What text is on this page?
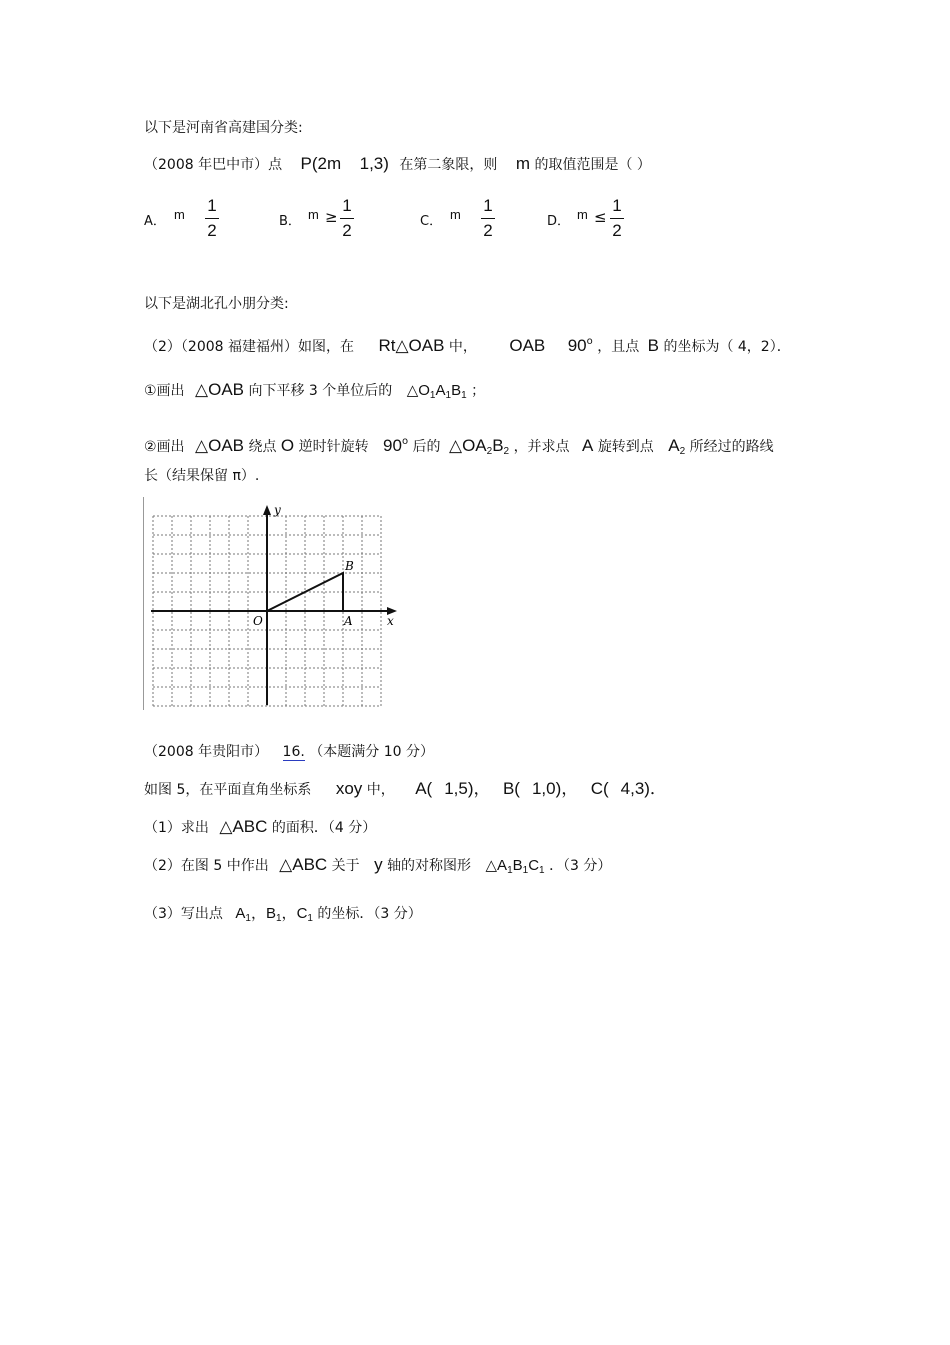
以下是河南省高建国分类:
（2008 年巴中市）点 P(2m 1,3) 在第二象限，则 m 的取值范围是（ ）
A． m 1
2	B． m ≥
1
2	C． m 1
2	D． m ≤
1
2
以下是湖北孔小朋分类:
（2）（2008 福建福州）如图，在 Rt△OAB 中， OAB 90$^o$ ，且点 B 的坐标为（ 4，2）．
①画出 △OAB 向下平移 3 个单位后的 $\triangle O_1A_1B_1$ ；
②画出 △OAB 绕点 O 逆时针旋转 90$^o$ 后的 $\triangle OA_2B_2$ ，并求点 A 旋转到点 $A_2$ 所经过的路线
长（结果保留 π）.
y
x
O	A
B
（2008 年贵阳市） 16. （本题满分 10 分）
如图 5，在平面直角坐标系 xoy 中， A( 1,5)， B( 1,0)， C( 4,3)．
（1）求出 △ABC 的面积．（4 分）
（2）在图 5 中作出 △ABC 关于 y 轴的对称图形 $\triangle A_1B_1C_1$ ．（3 分）
（3）写出点 $A_1$，$B_1$，$C_1$ 的坐标．（3 分）
